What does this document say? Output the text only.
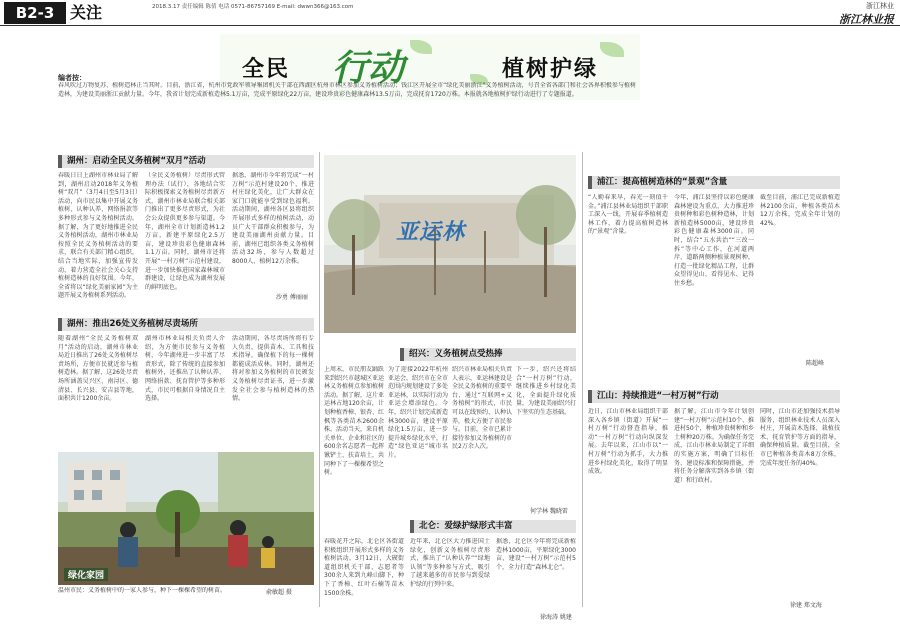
B2-3 关注	2018.3.17 责任编辑 陈倩 电话 0571-86757169 E-mail: dwwn366@163.com	浙江林业
浙江林业报
全民 行动	植树护绿
编者按：
春风吹过万物复苏，植树造林正当其时。目前，浙江省，杭州市党政军领导集团机关干部在西湖区杭州市林区参加义务植树活动；钱江区开展全市“绿化美丽浙江”义务植树活动，号召全省各部门和社会各界积极参与植树造林，为建设美丽浙江贡献力量。今年，我省计划完成新植造林5.1万亩，完成平原绿化22万亩，建设珍贵彩色健康森林13.5万亩，完成抚育1720万株。本报就各地植树护绿行动进行了专题报道。
湖州：启动全民义务植树“双月”活动
春暖日日上湖州市林业局了解到，湖州启动2018年义务植树“双月”（3月4日至5月3日）活动，向市民以集中开展义务植树、认种认养、网络捐款等多种形式参与义务植树活动。据了解，为了更好地推进全民义务植树活动，湖州市林业局按照全民义务植树活动的要求，联合有关部门精心组织，结合当地实际，加强宣传发动，着力营造全社会关心支持植树造林的良好氛围。今年，全省将以“绿化美丽家园”为主题开展义务植树系列活动。
（全民义务植树）尽责形式管理办法（试行），各地结合实际积极探索义务植树尽责新方式，湖州市林业局联合相关部门推出了更多尽责形式，为社会公众提供更多参与渠道。今年，湖州全市计划新造林1.2万亩，新建平原绿化2.5万亩，建设珍贵彩色健康森林1.1万亩。同时，湖州市还将开展“一村万树”示范村建设，进一步加快推进国家森林城市群建设，让绿色成为湖州发展的鲜明底色。
据悉，湖州市今年将完成“一村万树”示范村建设20个，推进村庄绿化美化，让广大群众在家门口就能享受到绿色福利。活动期间，湖州各区县将组织开展形式多样的植树活动，动员广大干部群众积极参与，为建设美丽湖州贡献力量。目前，湖州已组织各类义务植树活动32场，参与人数超过8000人，植树12万余株。
沙勇 傅丽丽
湖州：推出26处义务植树尽责场所
随着湖州“全民义务植树双月”活动的启动，湖州市林业局近日推出了26处义务植树尽责场所，方便市民就近参与植树造林。据了解，这26处尽责场所涵盖吴兴区、南浔区、德清县、长兴县、安吉县等地，面积共计1200余亩。
湖州市林业局相关负责人介绍，为方便市民参与义务植树，今年湖州进一步丰富了尽责形式，除了传统的直接参加植树外，还推出了认种认养、网络捐款、抚育管护等多种形式，市民可根据自身情况自主选择。
活动期间，各尽责场所将有专人负责，提供苗木、工具和技术指导，确保植下的每一棵树都能成活成林。同时，湖州还将对参加义务植树的市民颁发义务植树尽责证书，进一步激发全社会参与植树造林的热情。
绿化家园
温州市民：义务植树中的一家人参与，种下一棵棵希望的树苗。	俞敏超 摄
亚运林
绍兴：义务植树点受热捧
上周末，市民朋友踊跃来到绍兴市越城区亚运林义务植树点参加植树活动。据了解，这片亚运林占地120余亩，计划种植香樟、银杏、红枫等各类苗木2600余株。活动当天，来自机关单位、企业和社区的600余名志愿者一起挥锹铲土、扶苗培土，共同种下了一棵棵希望之树。
为了迎接2022年杭州亚运会，绍兴市在全市范围内规划建设了多处亚运林，以实际行动为亚运会增添绿色。今年，绍兴计划完成新造林3000亩，建设平原绿化1.5万亩，进一步提升城乡绿化水平，打造“绿色亚运”城市名片。
绍兴市林业局相关负责人表示，亚运林建设是全民义务植树的重要平台，通过“互联网+义务植树”的形式，市民可以在线预约、认种认养，极大方便了市民参与。目前，全市已累计接待参加义务植树的市民2万余人次。
下一步，绍兴还将结合“一村万树”行动，继续推进乡村绿化美化，全面提升绿化质量，为建设美丽绍兴打下坚实的生态基础。
何学林 魏晓雷
北仑：爱绿护绿形式丰富
春暖花开之际，北仑区各街道积极组织开展形式多样的义务植树活动。3月12日，大碶街道组织机关干部、志愿者等300余人来到九峰山脚下，种下了香樟、红叶石楠等苗木1500余株。
近年来，北仑区大力推进国土绿化，创新义务植树尽责形式，推出了“认种认养”“绿地认领”等多种参与方式，吸引了越来越多的市民参与到爱绿护绿的行列中来。
据悉，北仑区今年将完成新植造林1000亩，平原绿化3000亩，建设“一村万树”示范村5个，全力打造“森林北仑”。
徐海涛 姚建
浦江：提高植树造林的“景观”含量
“人勤春来早，春光一刻值千金。”浦江县林业局组织干部职工深入一线，开展春季植树造林工作，着力提高植树造林的“景观”含量。
今年，浦江县坚持以彩色健康森林建设为重点，大力推进珍贵树种和彩色树种造林，计划新植造林5000亩，建设珍贵彩色健康森林3000亩。同时，结合“五水共治”“三改一拆”等中心工作，在河道两岸、道路两侧种植景观树种，打造一批绿化精品工程，让群众望得见山、看得见水、记得住乡愁。
截至目前，浦江已完成新植造林2100余亩，种植各类苗木12万余株，完成全年计划的42%。
陈超峰
江山：持续推进“一村万树”行动
近日，江山市林业局组织干部深入各乡镇（街道）开展“一村万树”行动督查指导，推动“一村万树”行动向纵深发展。去年以来，江山市以“一村万树”行动为抓手，大力推进乡村绿化美化，取得了明显成效。
据了解，江山市今年计划创建“一村万树”示范村10个、推进村50个，种植珍贵树种和乡土树种20万株。为确保任务完成，江山市林业局制定了详细的实施方案，明确了目标任务、建设标准和保障措施，并将任务分解落实到各乡镇（街道）和行政村。
同时，江山市还加强技术指导服务，组织林业技术人员深入村庄，开展苗木选择、栽植技术、抚育管护等方面的指导，确保种植质量。截至目前，全市已种植各类苗木8万余株，完成年度任务的40%。
徐建 郑文海
